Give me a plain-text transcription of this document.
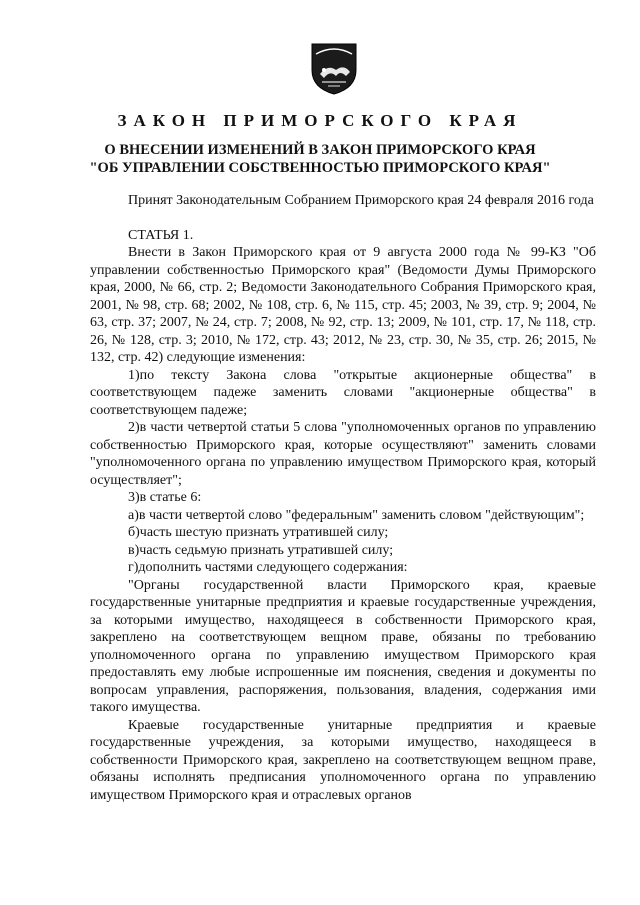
ЗАКОН ПРИМОРСКОГО КРАЯ
О ВНЕСЕНИИ ИЗМЕНЕНИЙ В ЗАКОН ПРИМОРСКОГО КРАЯ
"ОБ УПРАВЛЕНИИ СОБСТВЕННОСТЬЮ ПРИМОРСКОГО КРАЯ"

Принят Законодательным Собранием Приморского края 24 февраля 2016 года

СТАТЬЯ 1.

Внести в Закон Приморского края от 9 августа 2000 года № 99-КЗ "Об управлении собственностью Приморского края" (Ведомости Думы Приморского края, 2000, № 66, стр. 2; Ведомости Законодательного Собрания Приморского края, 2001, № 98, стр. 68; 2002, № 108, стр. 6, № 115, стр. 45; 2003, № 39, стр. 9; 2004, № 63, стр. 37; 2007, № 24, стр. 7; 2008, № 92, стр. 13; 2009, № 101, стр. 17, № 118, стр. 26, № 128, стр. 3; 2010, № 172, стр. 43; 2012, № 23, стр. 30, № 35, стр. 26; 2015, № 132, стр. 42) следующие изменения:

1)по тексту Закона слова "открытые акционерные общества" в соответствующем падеже заменить словами "акционерные общества" в соответствующем падеже;

2)в части четвертой статьи 5 слова "уполномоченных органов по управлению собственностью Приморского края, которые осуществляют" заменить словами "уполномоченного органа по управлению имуществом Приморского края, который осуществляет";

3)в статье 6:

а)в части четвертой слово "федеральным" заменить словом "действующим";

б)часть шестую признать утратившей силу;

в)часть седьмую признать утратившей силу;

г)дополнить частями следующего содержания:

"Органы государственной власти Приморского края, краевые государственные унитарные предприятия и краевые государственные учреждения, за которыми имущество, находящееся в собственности Приморского края, закреплено на соответствующем вещном праве, обязаны по требованию уполномоченного органа по управлению имуществом Приморского края предоставлять ему любые испрошенные им пояснения, сведения и документы по вопросам управления, распоряжения, пользования, владения, содержания ими такого имущества.

Краевые государственные унитарные предприятия и краевые государственные учреждения, за которыми имущество, находящееся в собственности Приморского края, закреплено на соответствующем вещном праве, обязаны исполнять предписания уполномоченного органа по управлению имуществом Приморского края и отраслевых органов
